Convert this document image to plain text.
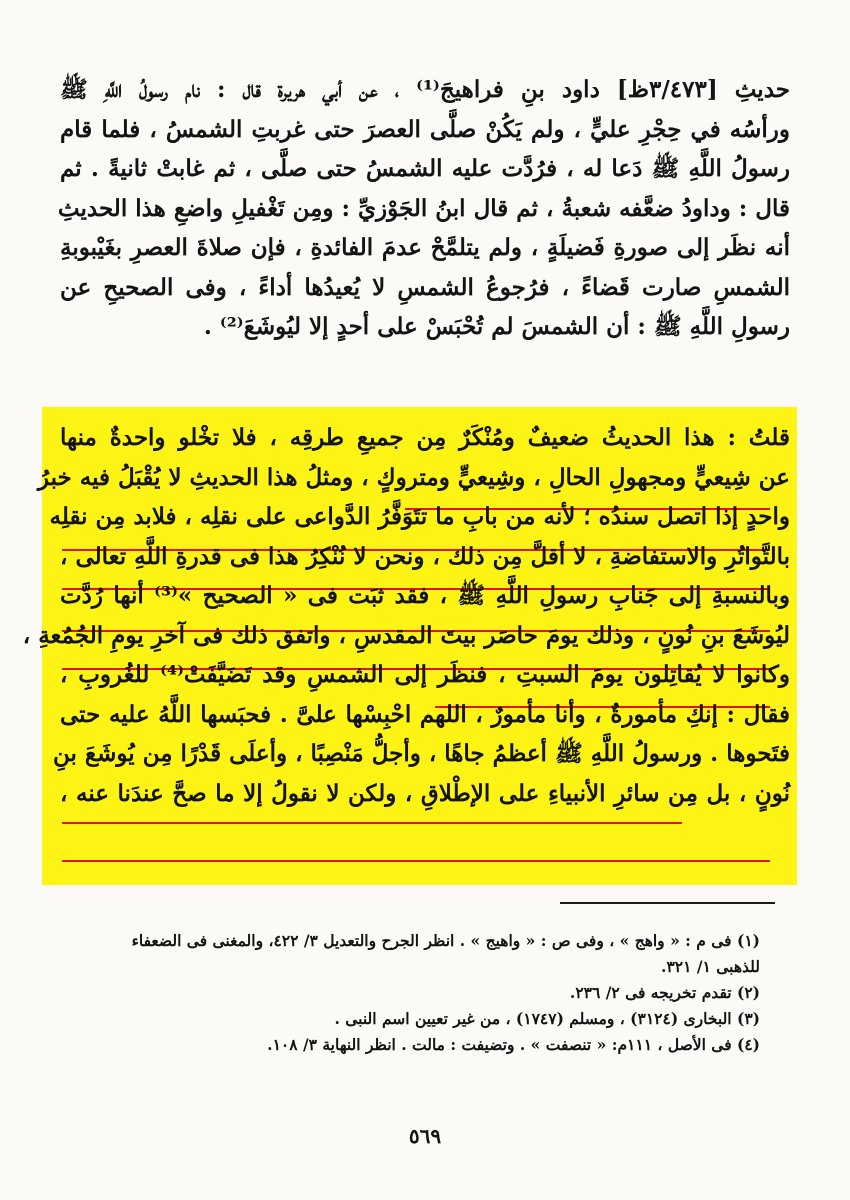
حديثِ [٣/٤٧٣ظ] داود بنِ فراهيجَ⁽¹⁾ ، عن أبي هريرة قال : نام رسولُ اللَّهِ ﷺ
ورأسُه في حِجْرِ عليٍّ ، ولم يَكُنْ صلَّى العصرَ حتى غربتِ الشمسُ ، فلما قام
رسولُ اللَّهِ ﷺ دَعا له ، فرُدَّت عليه الشمسُ حتى صلَّى ، ثم غابتْ ثانيةً . ثم
قال : وداودُ ضعَّفه شعبةُ ، ثم قال ابنُ الجَوْزيِّ : ومِن تَغْفيلِ واضعِ هذا الحديثِ
أنه نظَر إلى صورةِ فَضيلَةٍ ، ولم يتلمَّحْ عدمَ الفائدةِ ، فإن صلاةَ العصرِ بغَيْبوبةِ
الشمسِ صارت قَضاءً ، فرُجوعُ الشمسِ لا يُعيدُها أداءً ، وفى الصحيحِ عن
رسولِ اللَّهِ ﷺ : أن الشمسَ لم تُحْبَسْ على أحدٍ إلا ليُوشَعَ⁽²⁾ .
قلتُ : هذا الحديثُ ضعيفٌ ومُنْكَرٌ مِن جميعِ طرقِه ، فلا تخْلو واحدةٌ منها
عن شِيعيٍّ ومجهولِ الحالِ ، وشِيعيٍّ ومتروكٍ ، ومثلُ هذا الحديثِ لا يُقْبَلُ فيه خبرُ
واحدٍ إذا اتصل سندُه ؛ لأنه من بابِ ما تتَوَفَّرُ الدَّواعى على نقلِه ، فلابد مِن نقلِه
بالتَّواتُرِ والاستفاضةِ ، لا أقلَّ مِن ذلك ، ونحن لا نُنْكِرُ هذا فى قدرةِ اللَّهِ تعالى ،
وبالنسبةِ إلى جَنابِ رسولِ اللَّهِ ﷺ ، فقد ثبَت فى « الصحيح »⁽³⁾ أنها رُدَّت
ليُوشَعَ بنِ نُونٍ ، وذلك يومَ حاصَر بيتَ المقدسِ ، واتفق ذلك فى آخرِ يومِ الجُمُعةِ ،
وكانوا لا يُقاتِلون يومَ السبتِ ، فنظَر إلى الشمسِ وقد تَضَيَّفَتْ⁽⁴⁾ للغُروبِ ،
فقال : إنكِ مأمورةٌ ، وأنا مأمورٌ ، اللهم احْبِسْها علىَّ . فحبَسها اللَّهُ عليه حتى
فتَحوها . ورسولُ اللَّهِ ﷺ أعظمُ جاهًا ، وأجلُّ مَنْصِبًا ، وأعلَى قَدْرًا مِن يُوشَعَ بنِ
نُونٍ ، بل مِن سائرِ الأنبياءِ على الإطْلاقِ ، ولكن لا نقولُ إلا ما صحَّ عندَنا عنه ،
(١) فى م : « واهج » ، وفى ص : « واهيج » . انظر الجرح والتعديل ٣/ ٤٢٢، والمغنى فى الضعفاء للذهبى ١/ ٣٢١.
(٢) تقدم تخريجه فى ٢/ ٢٣٦.
(٣) البخارى (٣١٢٤) ، ومسلم (١٧٤٧) ، من غير تعيين اسم النبى .
(٤) فى الأصل ، ١١١م: « تنصفت » . وتضيفت : مالت . انظر النهاية ٣/ ١٠٨.
٥٦٩
